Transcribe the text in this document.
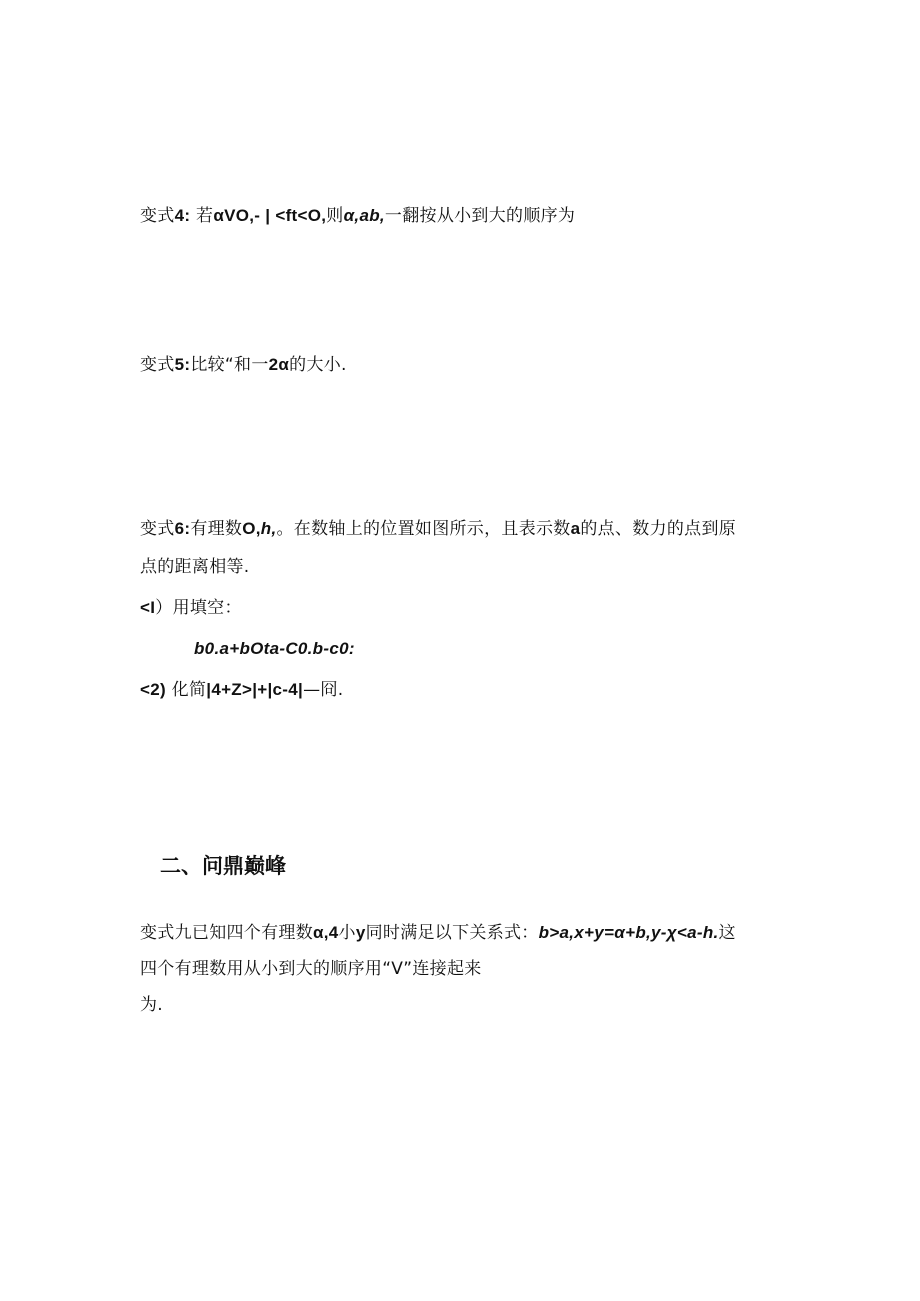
变式4: 若αVO,- | <ft<O,则α,ab,一翻按从小到大的顺序为
变式5:比较“和一2α的大小.
变式6:有理数O,h,。在数轴上的位置如图所示，且表示数a的点、数力的点到原
点的距离相等.
<I）用填空：
b0.a+bOta-C0.b-c0:
<2) 化简|4+Z>|+|c-4|—冏.
二、问鼎巅峰
变式九已知四个有理数α,4小y同时满足以下关系式：b>a,x+y=α+b,y-χ<a-h.这
四个有理数用从小到大的顺序用“V”连接起来
为.
